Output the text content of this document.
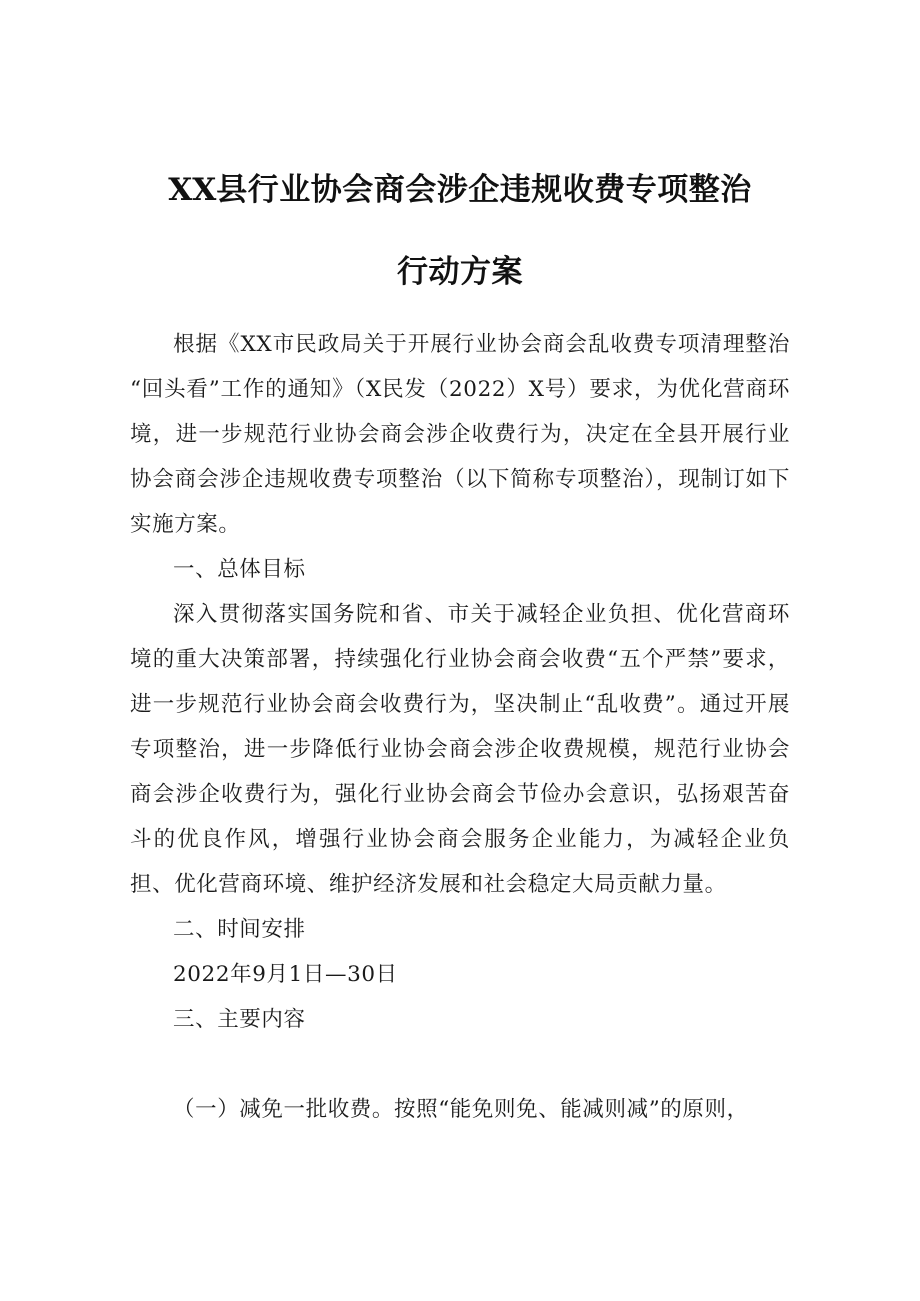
XX县行业协会商会涉企违规收费专项整治
行动方案

根据《XX市民政局关于开展行业协会商会乱收费专项清理整治“回头看”工作的通知》（X民发（2022）X号）要求，为优化营商环境，进一步规范行业协会商会涉企收费行为，决定在全县开展行业协会商会涉企违规收费专项整治（以下简称专项整治），现制订如下实施方案。

一、总体目标

深入贯彻落实国务院和省、市关于减轻企业负担、优化营商环境的重大决策部署，持续强化行业协会商会收费“五个严禁”要求，进一步规范行业协会商会收费行为，坚决制止“乱收费”。通过开展专项整治，进一步降低行业协会商会涉企收费规模，规范行业协会商会涉企收费行为，强化行业协会商会节俭办会意识，弘扬艰苦奋斗的优良作风，增强行业协会商会服务企业能力，为减轻企业负担、优化营商环境、维护经济发展和社会稳定大局贡献力量。

二、时间安排

2022年9月1日—30日

三、主要内容

（一）减免一批收费。按照“能免则免、能减则减”的原则，
